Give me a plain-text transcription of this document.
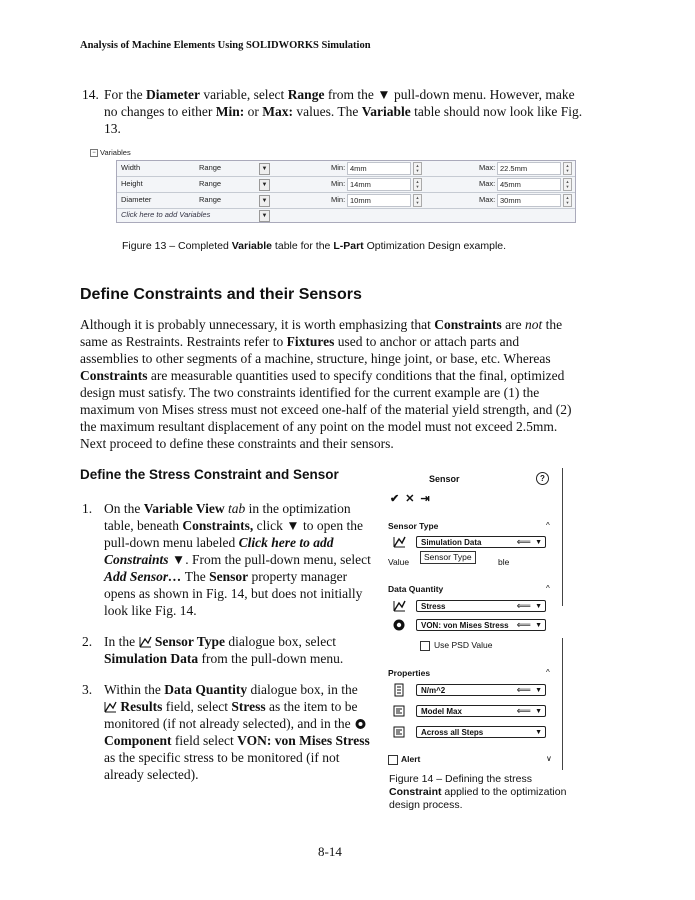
Analysis of Machine Elements Using SOLIDWORKS Simulation
14. For the Diameter variable, select Range from the ▼ pull-down menu. However, make no changes to either Min: or Max: values. The Variable table should now look like Fig. 13.
− Variables
Width	Range	▼	Min: 4mm	▲
▼	Max: 22.5mm	▲
▼
Height	Range	▼	Min: 14mm	▲
▼	Max: 45mm	▲
▼
Diameter	Range	▼	Min: 10mm	▲
▼	Max: 30mm	▲
▼
Click here to add Variables	▼
Figure 13 – Completed Variable table for the L-Part Optimization Design example.
Define Constraints and their Sensors
Although it is probably unnecessary, it is worth emphasizing that Constraints are not the same as Restraints. Restraints refer to Fixtures used to anchor or attach parts and assemblies to other segments of a machine, structure, hinge joint, or base, etc. Whereas Constraints are measurable quantities used to specify conditions that the final, optimized design must satisfy. The two constraints identified for the current example are (1) the maximum von Mises stress must not exceed one-half of the material yield strength, and (2) the maximum resultant displacement of any point on the model must not exceed 2.5mm. Next proceed to define these constraints and their sensors.
Define the Stress Constraint and Sensor
1. On the Variable View tab in the optimization table, beneath Constraints, click ▼ to open the pull-down menu labeled Click here to add Constraints ▼. From the pull-down menu, select Add Sensor… The Sensor property manager opens as shown in Fig. 14, but does not initially look like Fig. 14.
2. In the  Sensor Type dialogue box, select Simulation Data from the pull-down menu.
3. Within the Data Quantity dialogue box, in the  Results field, select Stress as the item to be monitored (if not already selected), and in the Component field select VON: von Mises Stress as the specific stress to be monitored (if not already selected).
Sensor	?
✔✕⇥
Sensor Type	^
Simulation Data	⟸ ▼
Value	Sensor Type	ble
Data Quantity	^
Stress	⟸ ▼
VON: von Mises Stress ⟸ ▼
Use PSD Value
Properties	^
N/m^2	⟸ ▼
Model Max	⟸ ▼
Across all Steps	▼
Alert	∨
Figure 14 – Defining the stress Constraint applied to the optimization design process.
8-14
